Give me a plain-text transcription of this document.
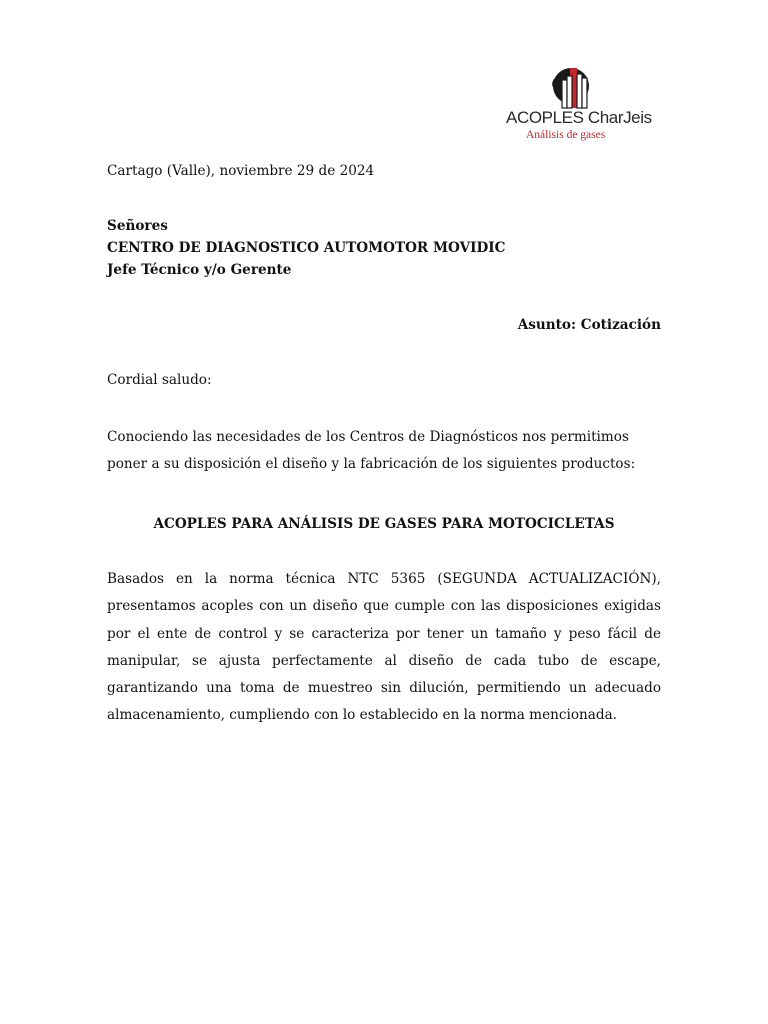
ACOPLES CharJeis
Análisis de gases
Cartago (Valle), noviembre 29 de 2024
Señores
CENTRO DE DIAGNOSTICO AUTOMOTOR MOVIDIC
Jefe Técnico y/o Gerente
Asunto: Cotización
Cordial saludo:
Conociendo las necesidades de los Centros de Diagnósticos nos permitimos
poner a su disposición el diseño y la fabricación de los siguientes productos:
ACOPLES PARA ANÁLISIS DE GASES PARA MOTOCICLETAS
Basados en la norma técnica NTC 5365 (SEGUNDA ACTUALIZACIÓN), presentamos acoples con un diseño que cumple con las disposiciones exigidas por el ente de control y se caracteriza por tener un tamaño y peso fácil de manipular, se ajusta perfectamente al diseño de cada tubo de escape, garantizando una toma de muestreo sin dilución, permitiendo un adecuado almacenamiento, cumpliendo con lo establecido en la norma mencionada.
